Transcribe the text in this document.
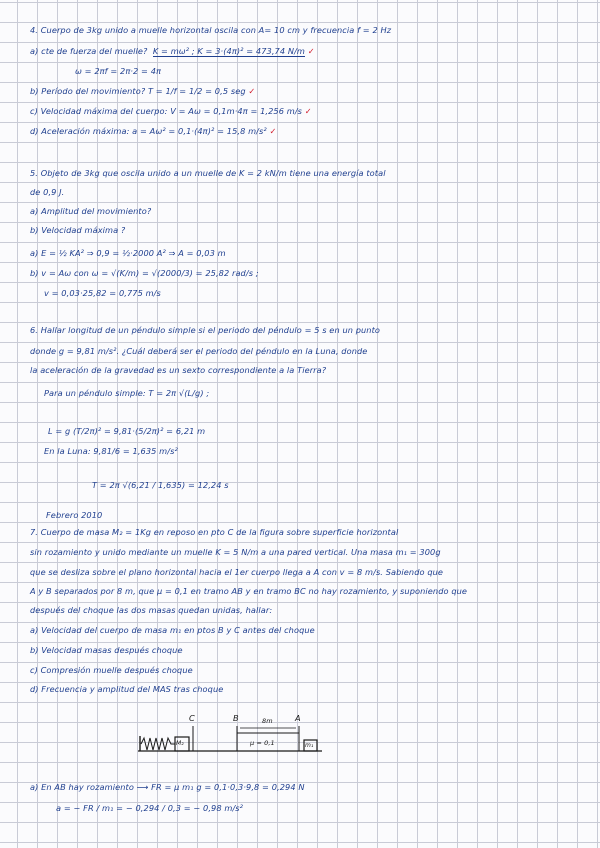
4. Cuerpo de 3kg unido a muelle horizontal oscila con A= 10 cm y frecuencia f = 2 Hz
a) cte de fuerza del muelle? K = mω² ; K = 3·(4π)² = 473,74 N/m ✓
ω = 2πf = 2π·2 = 4π
b) Período del movimiento? T = 1/f = 1/2 = 0,5 seg ✓
c) Velocidad máxima del cuerpo: V = Aω = 0,1m·4π = 1,256 m/s ✓
d) Aceleración máxima: a = Aω² = 0,1·(4π)² = 15,8 m/s² ✓
5. Objeto de 3kg que oscila unido a un muelle de K = 2 kN/m tiene una energía total
de 0,9 J.
a) Amplitud del movimiento?
b) Velocidad máxima ?
a) E = ½ KA² ⇒ 0,9 = ½·2000 A² ⇒ A = 0,03 m
b) v = Aω con ω = √(K/m) = √(2000/3) = 25,82 rad/s ;
v = 0,03·25,82 = 0,775 m/s
6. Hallar longitud de un péndulo simple si el periodo del péndulo = 5 s en un punto
donde g = 9,81 m/s². ¿Cuál deberá ser el periodo del péndulo en la Luna, donde
la aceleración de la gravedad es un sexto correspondiente a la Tierra?
Para un péndulo simple: T = 2π √(L/g) ;
L = g (T/2π)² = 9,81·(5/2π)² = 6,21 m
En la Luna: 9,81/6 = 1,635 m/s²
T = 2π √(6,21 / 1,635) = 12,24 s
Febrero 2010
7. Cuerpo de masa M₂ = 1Kg en reposo en pto C de la figura sobre superficie horizontal
sin rozamiento y unido mediante un muelle K = 5 N/m a una pared vertical. Una masa m₁ = 300g
que se desliza sobre el plano horizontal hacia el 1er cuerpo llega a A con v = 8 m/s. Sabiendo que
A y B separados por 8 m, que μ = 0,1 en tramo AB y en tramo BC no hay rozamiento, y suponiendo que
después del choque las dos masas quedan unidas, hallar:
a) Velocidad del cuerpo de masa m₁ en ptos B y C antes del choque
b) Velocidad masas después choque
c) Compresión muelle después choque
d) Frecuencia y amplitud del MAS tras choque
C	B	A
8m
μ = 0,1
M₂	m₁
a) En AB hay rozamiento ⟶ FR = μ m₁ g = 0,1·0,3·9,8 = 0,294 N
a = − FR / m₁ = − 0,294 / 0,3 = − 0,98 m/s²
